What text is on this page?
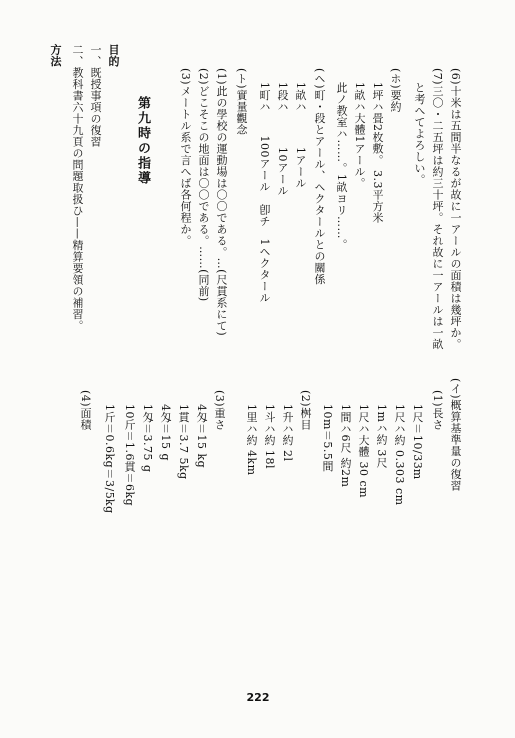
(6)十米は五間半なるが故に一アールの面積は幾坪か。
(7)三〇・二五坪は約三十坪。それ故に一アールは一畝
と考へてよろしい。
(ホ)要約
1坪ハ畳2枚敷。 3.3平方米
1畝ハ大體1アール。
此ノ教室ハ……。1畝ヨリ……。
(ヘ)町・段とアール、ヘクタールとの關係
1畝ハ　　　1アール
1段ハ　　　10アール
1町ハ　　100アール　卽チ　1ヘクタール
(ト)實量觀念
(1)此の學校の運動場は〇〇である。…(尺貫系にて)
(2)どこそこの地面は〇〇である。……(同前)
(3)メートル系で言へば各何程か。
第九時の指導
目的
一、既授事項の復習
二、教科書六十九頁の問題取扱ひ——精算要領の補習。
方法
(イ)概算基準量の復習
(1)長さ
1尺＝10/33m
1尺ハ約 0.303 cm
1mハ約 3尺
1尺ハ大體 30 cm
1間ハ6尺 約2m
10m＝5.5間
(2)桝目
1升ハ約 2l
1斗ハ約 18l
1里ハ約 4km
(3)重さ
4匁＝15 kg
1貫＝3.7 5kg
4匁＝15 g
1匁＝3.75 g
10斤＝1.6貫＝6kg
1斤＝0.6kg＝3/5kg
(4)面積
222
